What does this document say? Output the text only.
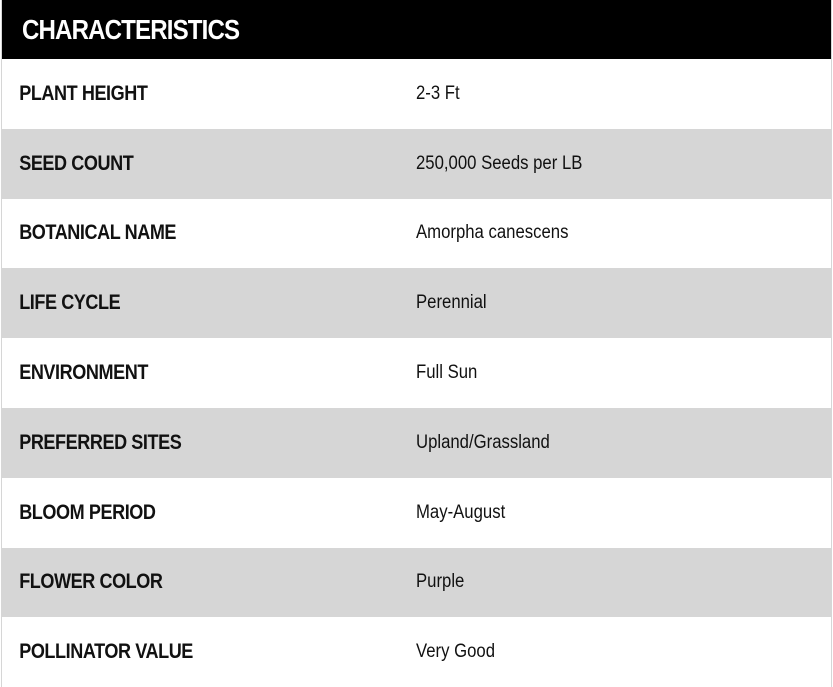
CHARACTERISTICS
PLANT HEIGHT	2-3 Ft
SEED COUNT	250,000 Seeds per LB
BOTANICAL NAME	Amorpha canescens
LIFE CYCLE	Perennial
ENVIRONMENT	Full Sun
PREFERRED SITES	Upland/Grassland
BLOOM PERIOD	May-August
FLOWER COLOR	Purple
POLLINATOR VALUE	Very Good
